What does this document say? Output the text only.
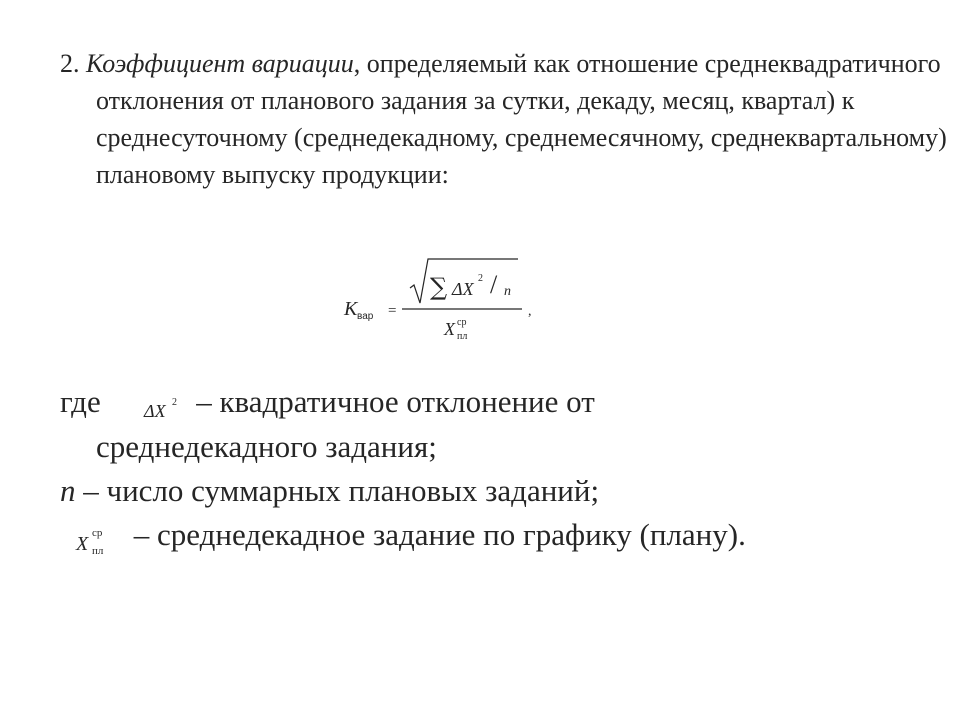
2. Коэффициент вариации, определяемый как отношение среднеквадратичного отклонения от планового задания за сутки, декаду, месяц, квартал) к среднесуточному (среднедекадному, среднемесячному, среднеквартальному) плановому выпуску продукции:
K вар =
∑ ΔX
2 / n
X ср
пл
,
где ΔX 2 – квадратичное отклонение от
среднедекадного задания;
n – число суммарных плановых заданий;
X ср
пл – среднедекадное задание по графику (плану).
